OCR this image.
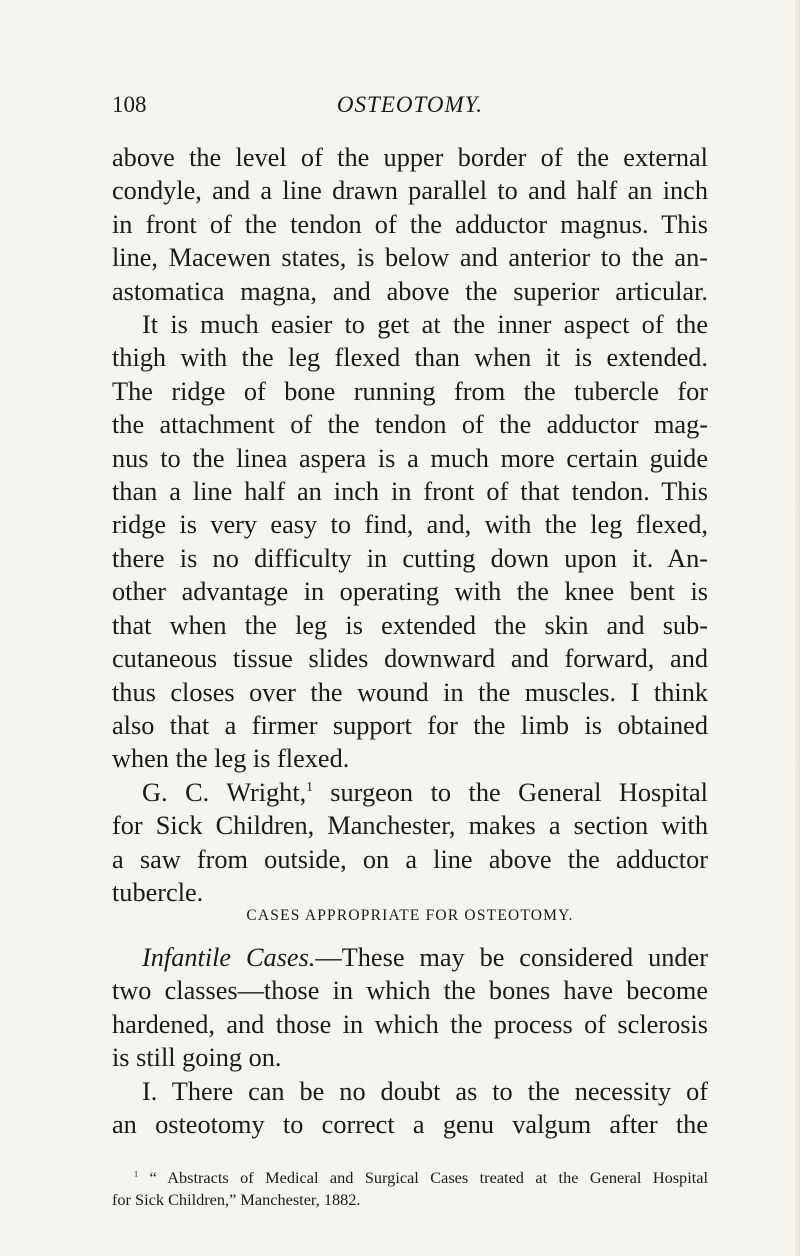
108	OSTEOTOMY.
above the level of the upper border of the external
condyle, and a line drawn parallel to and half an inch
in front of the tendon of the adductor magnus. This
line, Macewen states, is below and anterior to the an-
astomatica magna, and above the superior articular.
It is much easier to get at the inner aspect of the
thigh with the leg flexed than when it is extended.
The ridge of bone running from the tubercle for
the attachment of the tendon of the adductor mag-
nus to the linea aspera is a much more certain guide
than a line half an inch in front of that tendon. This
ridge is very easy to find, and, with the leg flexed,
there is no difficulty in cutting down upon it. An-
other advantage in operating with the knee bent is
that when the leg is extended the skin and sub-
cutaneous tissue slides downward and forward, and
thus closes over the wound in the muscles. I think
also that a firmer support for the limb is obtained
when the leg is flexed.
G. C. Wright,$^1$ surgeon to the General Hospital
for Sick Children, Manchester, makes a section with
a saw from outside, on a line above the adductor
tubercle.
CASES APPROPRIATE FOR OSTEOTOMY.
Infantile Cases.—These may be considered under
two classes—those in which the bones have become
hardened, and those in which the process of sclerosis
is still going on.
I. There can be no doubt as to the necessity of
an osteotomy to correct a genu valgum after the
$^1$ “ Abstracts of Medical and Surgical Cases treated at the General Hospital
for Sick Children,” Manchester, 1882.
